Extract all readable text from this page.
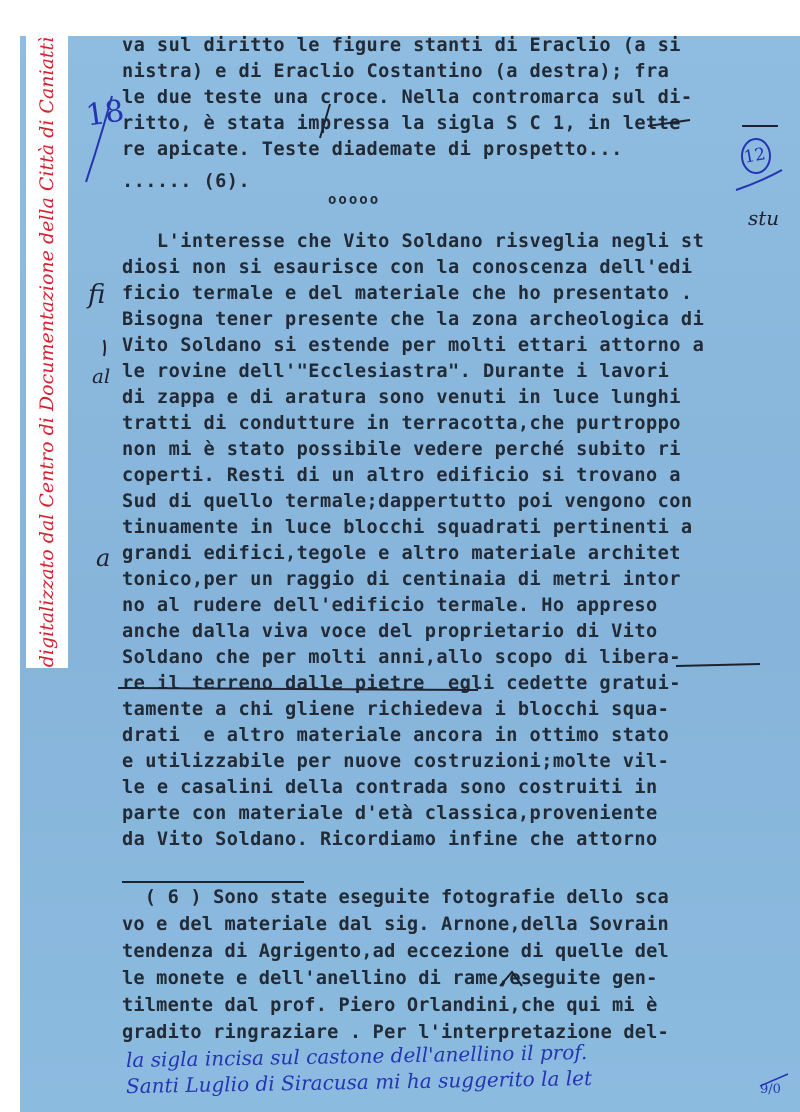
digitalizzato dal Centro di Documentazione della Città di Caniattì	va sul diritto le figure stanti di Eraclio (a si

nistra) e di Eraclio Costantino (a destra); fra

le due teste una croce. Nella contromarca sul di-

ritto, è stata impressa la sigla S C 1, in lette

re apicate. Teste diademate di prospetto...

...... (6).

ooooo

L'interesse che Vito Soldano risveglia negli st

diosi non si esaurisce con la conoscenza dell'edi

ficio termale e del materiale che ho presentato .

Bisogna tener presente che la zona archeologica di

Vito Soldano si estende per molti ettari attorno a

le rovine dell'"Ecclesiastra". Durante i lavori

di zappa e di aratura sono venuti in luce lunghi

tratti di condutture in terracotta,che purtroppo

non mi è stato possibile vedere perché subito ri

coperti. Resti di un altro edificio si trovano a

Sud di quello termale;dappertutto poi vengono con

tinuamente in luce blocchi squadrati pertinenti a

grandi edifici,tegole e altro materiale architet

tonico,per un raggio di centinaia di metri intor

no al rudere dell'edificio termale. Ho appreso

anche dalla viva voce del proprietario di Vito

Soldano che per molti anni,allo scopo di libera-

re il terreno dalle pietre  egli cedette gratui-

tamente a chi gliene richiedeva i blocchi squa-

drati  e altro materiale ancora in ottimo stato

e utilizzabile per nuove costruzioni;molte vil-

le e casalini della contrada sono costruiti in

parte con materiale d'età classica,proveniente

da Vito Soldano. Ricordiamo infine che attorno

( 6 ) Sono state eseguite fotografie dello sca

vo e del materiale dal sig. Arnone,della Sovrain

tendenza di Agrigento,ad eccezione di quelle del

le monete e dell'anellino di rame,eseguite gen-

tilmente dal prof. Piero Orlandini,che qui mi è

gradito ringraziare . Per l'interpretazione del-

18

12

stu

fi

al

a

la sigla incisa sul castone dell'anellino il prof.

Santi Luglio di Siracusa mi ha suggerito la let	9/0
